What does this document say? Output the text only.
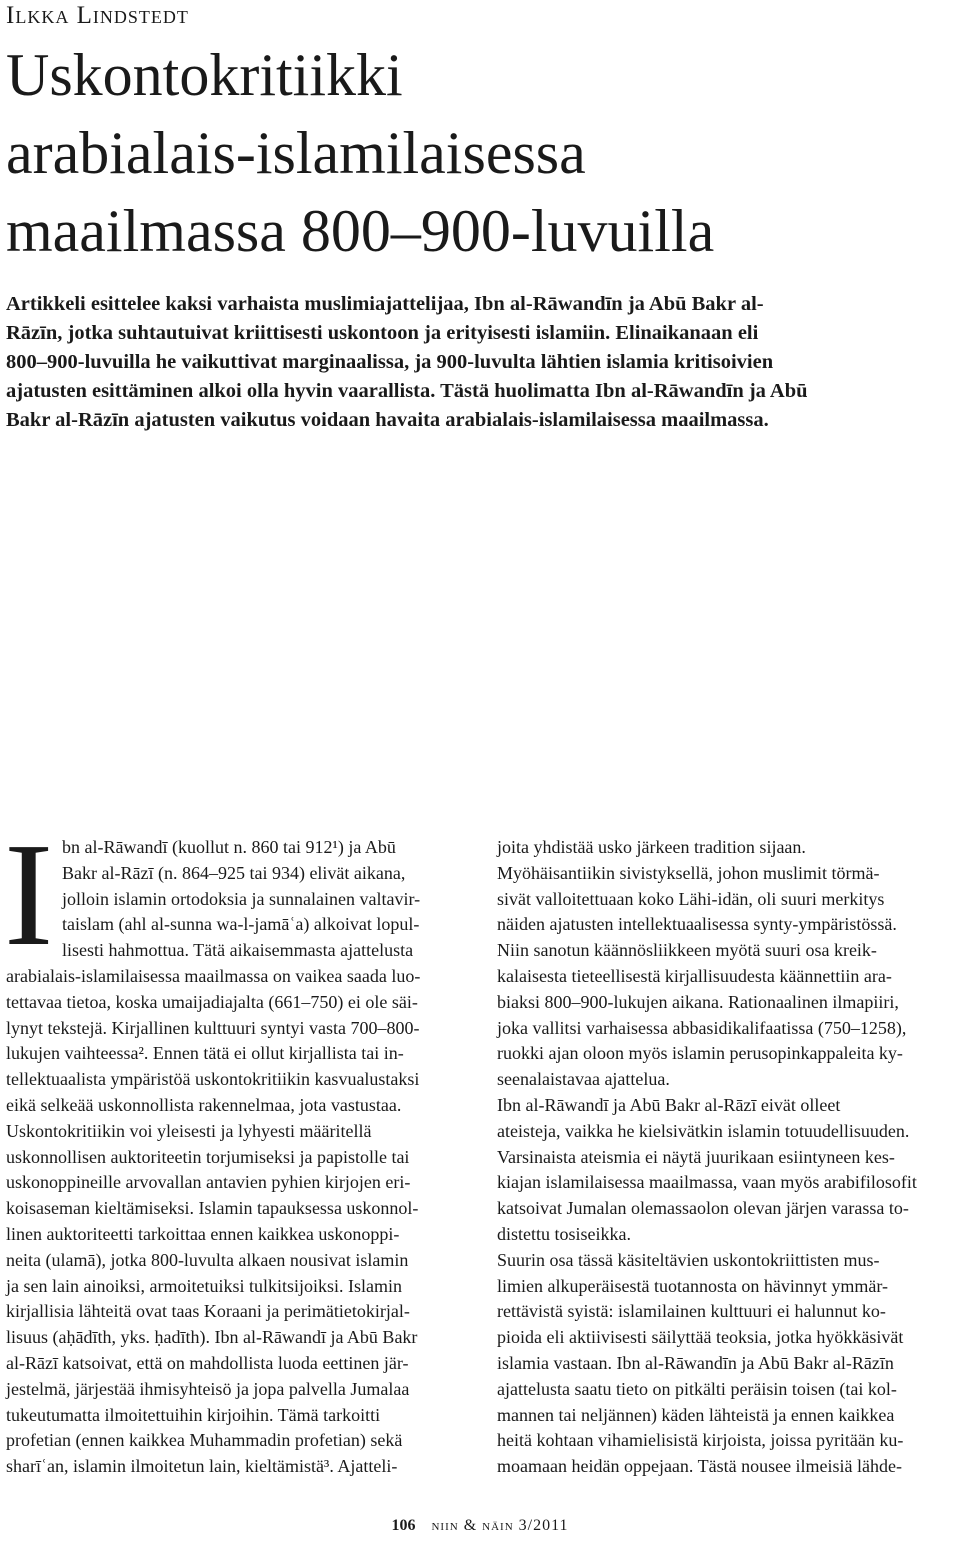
Ilkka Lindstedt
Uskontokritiikki
arabialais-islamilaisessa
maailmassa 800–900-luvuilla
Artikkeli esittelee kaksi varhaista muslimiajattelijaa, Ibn al-Rāwandīn ja Abū Bakr al-
Rāzīn, jotka suhtautuivat kriittisesti uskontoon ja erityisesti islamiin. Elinaikanaan eli
800–900-luvuilla he vaikuttivat marginaalissa, ja 900-luvulta lähtien islamia kritisoivien
ajatusten esittäminen alkoi olla hyvin vaarallista. Tästä huolimatta Ibn al-Rāwandīn ja Abū
Bakr al-Rāzīn ajatusten vaikutus voidaan havaita arabialais-islamilaisessa maailmassa.
I bn al-Rāwandī (kuollut n. 860 tai 912¹) ja Abū
Bakr al-Rāzī (n. 864–925 tai 934) elivät aikana,
jolloin islamin ortodoksia ja sunnalainen valtavir-
taislam (ahl al-sunna wa-l-jamāʿa) alkoivat lopul-
lisesti hahmottua. Tätä aikaisemmasta ajattelusta
arabialais-islamilaisessa maailmassa on vaikea saada luo-
tettavaa tietoa, koska umaijadiajalta (661–750) ei ole säi-
lynyt tekstejä. Kirjallinen kulttuuri syntyi vasta 700–800-
lukujen vaihteessa². Ennen tätä ei ollut kirjallista tai in-
tellektuaalista ympäristöä uskontokritiikin kasvualustaksi
eikä selkeää uskonnollista rakennelmaa, jota vastustaa.
Uskontokritiikin voi yleisesti ja lyhyesti määritellä
uskonnollisen auktoriteetin torjumiseksi ja papistolle tai
uskonoppineille arvovallan antavien pyhien kirjojen eri-
koisaseman kieltämiseksi. Islamin tapauksessa uskonnol-
linen auktoriteetti tarkoittaa ennen kaikkea uskonoppi-
neita (ulamā), jotka 800-luvulta alkaen nousivat islamin
ja sen lain ainoiksi, armoitetuiksi tulkitsijoiksi. Islamin
kirjallisia lähteitä ovat taas Koraani ja perimätietokirjal-
lisuus (aḥādīth, yks. ḥadīth). Ibn al-Rāwandī ja Abū Bakr
al-Rāzī katsoivat, että on mahdollista luoda eettinen jär-
jestelmä, järjestää ihmisyhteisö ja jopa palvella Jumalaa
tukeutumatta ilmoitettuihin kirjoihin. Tämä tarkoitti
profetian (ennen kaikkea Muhammadin profetian) sekä
sharīʿan, islamin ilmoitetun lain, kieltämistä³. Ajatteli-
joita yhdistää usko järkeen tradition sijaan.
Myöhäisantiikin sivistyksellä, johon muslimit törmä-
sivät valloitettuaan koko Lähi-idän, oli suuri merkitys
näiden ajatusten intellektuaalisessa synty-ympäristössä.
Niin sanotun käännösliikkeen myötä suuri osa kreik-
kalaisesta tieteellisestä kirjallisuudesta käännettiin ara-
biaksi 800–900-lukujen aikana. Rationaalinen ilmapiiri,
joka vallitsi varhaisessa abbasidikalifaatissa (750–1258),
ruokki ajan oloon myös islamin perusopinkappaleita ky-
seenalaistavaa ajattelua.
Ibn al-Rāwandī ja Abū Bakr al-Rāzī eivät olleet
ateisteja, vaikka he kielsivätkin islamin totuudellisuuden.
Varsinaista ateismia ei näytä juurikaan esiintyneen kes-
kiajan islamilaisessa maailmassa, vaan myös arabifilosofit
katsoivat Jumalan olemassaolon olevan järjen varassa to-
distettu tosiseikka.
Suurin osa tässä käsiteltävien uskontokriittisten mus-
limien alkuperäisestä tuotannosta on hävinnyt ymmär-
rettävistä syistä: islamilainen kulttuuri ei halunnut ko-
pioida eli aktiivisesti säilyttää teoksia, jotka hyökkäsivät
islamia vastaan. Ibn al-Rāwandīn ja Abū Bakr al-Rāzīn
ajattelusta saatu tieto on pitkälti peräisin toisen (tai kol-
mannen tai neljännen) käden lähteistä ja ennen kaikkea
heitä kohtaan vihamielisistä kirjoista, joissa pyritään ku-
moamaan heidän oppejaan. Tästä nousee ilmeisiä lähde-
106 niin & näin 3/2011
